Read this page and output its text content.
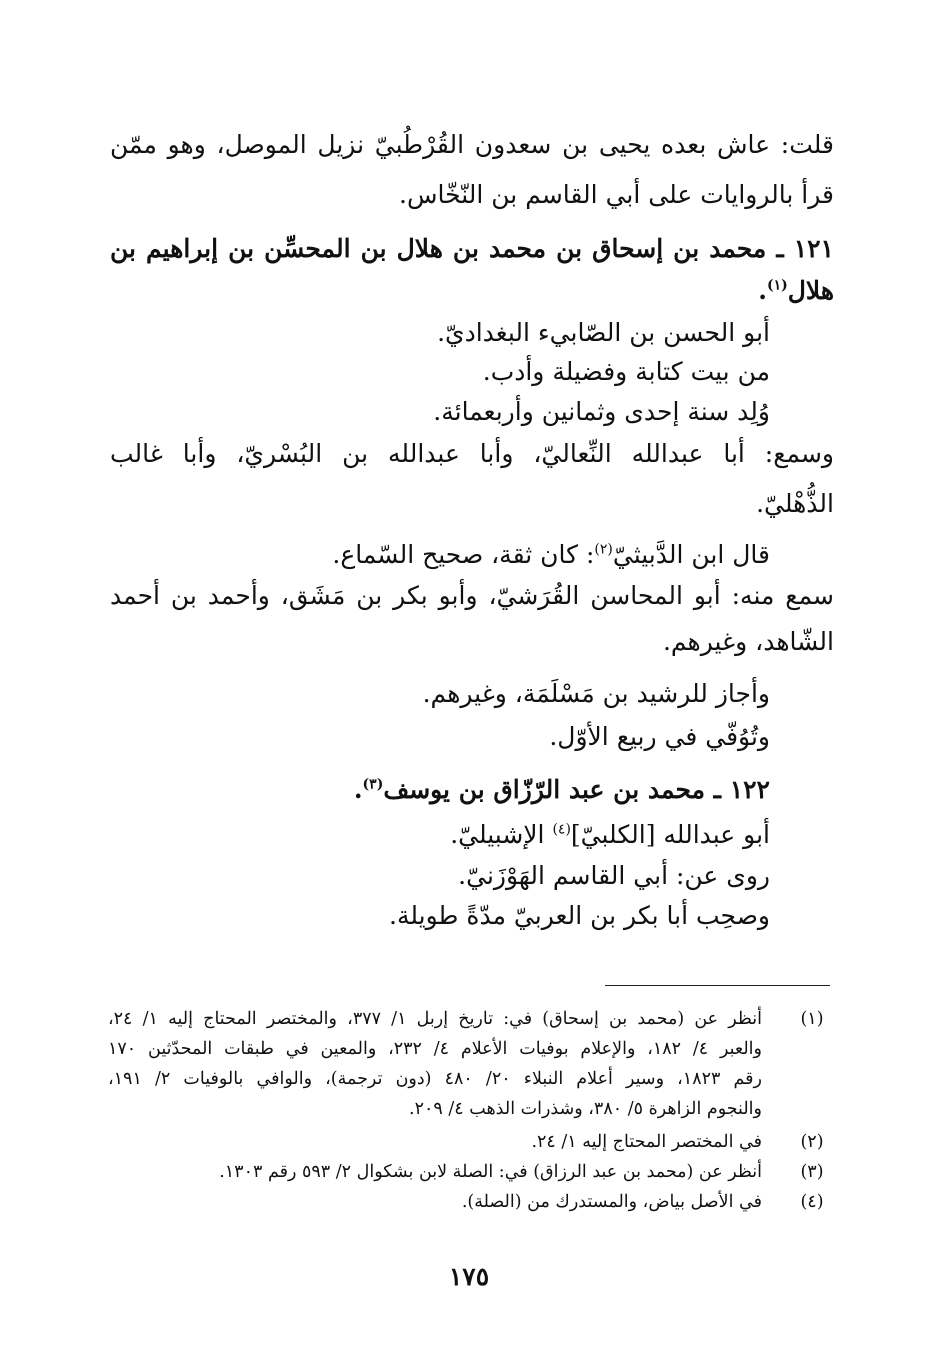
قلت: عاش بعده يحيى بن سعدون القُرْطُبيّ نزيل الموصل، وهو ممّن
قرأ بالروايات على أبي القاسم بن النّخّاس.
١٢١ ـ محمد بن إسحاق بن محمد بن هلال بن المحسِّن بن إبراهيم بن
هلال$^{(١)}$.
أبو الحسن بن الصّابيء البغداديّ.
من بيت كتابة وفضيلة وأدب.
وُلِد سنة إحدى وثمانين وأربعمائة.
وسمع: أبا عبدالله النِّعاليّ، وأبا عبدالله بن البُسْريّ، وأبا غالب
الذُّهْليّ.
قال ابن الدَّبيثيّ$^{(٢)}$: كان ثقة، صحيح السّماع.
سمع منه: أبو المحاسن القُرَشيّ، وأبو بكر بن مَشَق، وأحمد بن أحمد
الشّاهد، وغيرهم.
وأجاز للرشيد بن مَسْلَمَة، وغيرهم.
وتُوُفّي في ربيع الأوّل.
١٢٢ ـ محمد بن عبد الرّزّاق بن يوسف$^{(٣)}$.
أبو عبدالله [الكلبيّ]$^{(٤)}$ الإشبيليّ.
روى عن: أبي القاسم الهَوْزَنيّ.
وصحِب أبا بكر بن العربيّ مدّةً طويلة.
(١)
أنظر عن (محمد بن إسحاق) في: تاريخ إربل ١/ ٣٧٧، والمختصر المحتاج إليه ١/ ٢٤،
والعبر ٤/ ١٨٢، والإعلام بوفيات الأعلام ٤/ ٢٣٢، والمعين في طبقات المحدّثين ١٧٠
رقم ١٨٢٣، وسير أعلام النبلاء ٢٠/ ٤٨٠ (دون ترجمة)، والوافي بالوفيات ٢/ ١٩١،
والنجوم الزاهرة ٥/ ٣٨٠، وشذرات الذهب ٤/ ٢٠٩.
(٢)
في المختصر المحتاج إليه ١/ ٢٤.
(٣)
أنظر عن (محمد بن عبد الرزاق) في: الصلة لابن بشكوال ٢/ ٥٩٣ رقم ١٣٠٣.
(٤)
في الأصل بياض، والمستدرك من (الصلة).
١٧٥
